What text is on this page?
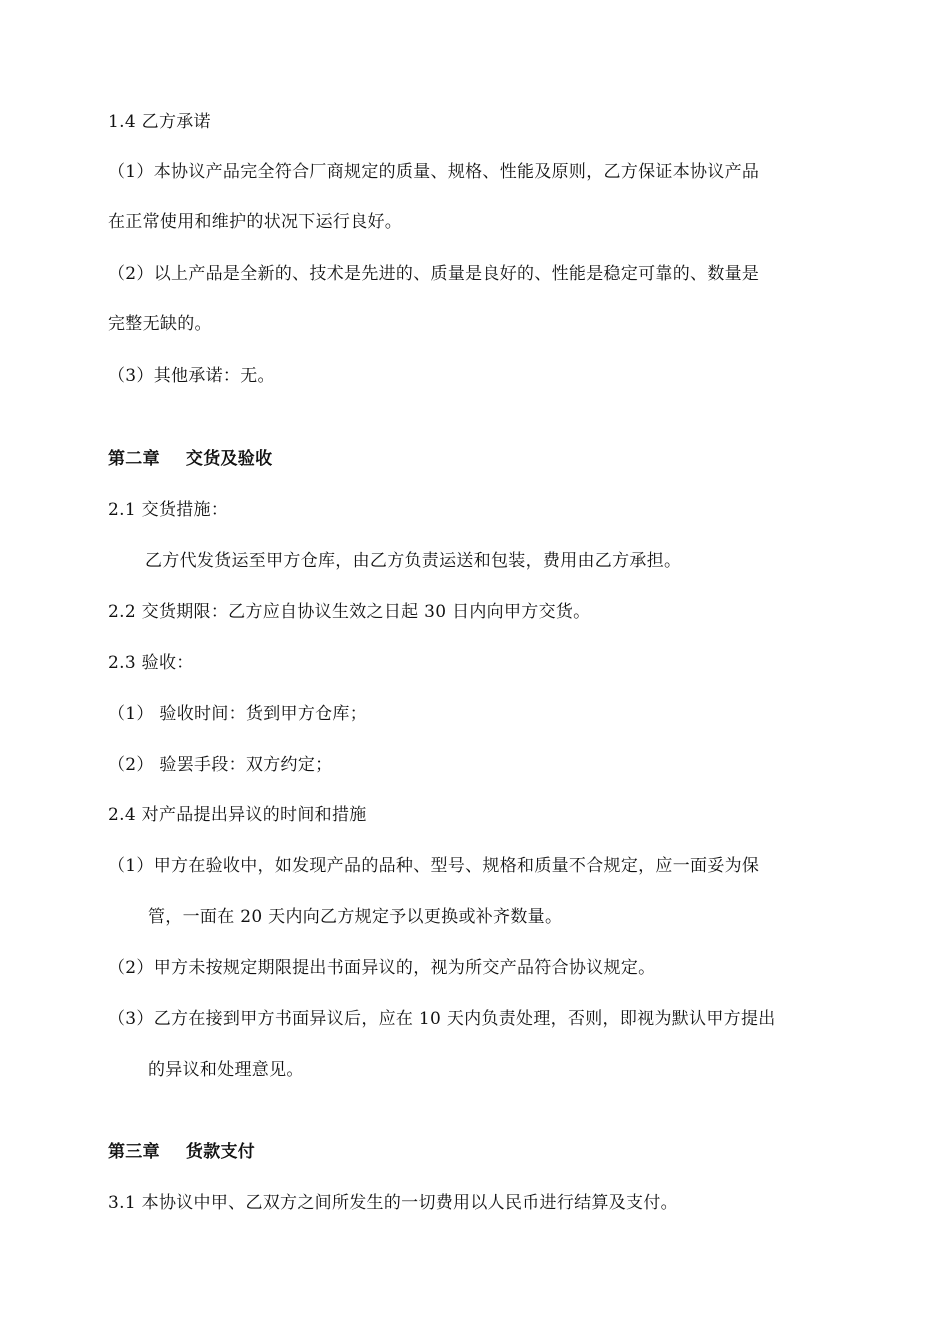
1.4 乙方承诺
（1）本协议产品完全符合厂商规定的质量、规格、性能及原则，乙方保证本协议产品
在正常使用和维护的状况下运行良好。
（2）以上产品是全新的、技术是先进的、质量是良好的、性能是稳定可靠的、数量是
完整无缺的。
（3）其他承诺：无。
第二章 交货及验收
2.1 交货措施：
乙方代发货运至甲方仓库，由乙方负责运送和包装，费用由乙方承担。
2.2 交货期限：乙方应自协议生效之日起 30 日内向甲方交货。
2.3 验收：
（1） 验收时间：货到甲方仓库；
（2） 验罢手段：双方约定；
2.4 对产品提出异议的时间和措施
（1）甲方在验收中，如发现产品的品种、型号、规格和质量不合规定，应一面妥为保
管，一面在 20 天内向乙方规定予以更换或补齐数量。
（2）甲方未按规定期限提出书面异议的，视为所交产品符合协议规定。
（3）乙方在接到甲方书面异议后，应在 10 天内负责处理，否则，即视为默认甲方提出
的异议和处理意见。
第三章 货款支付
3.1 本协议中甲、乙双方之间所发生的一切费用以人民币进行结算及支付。
